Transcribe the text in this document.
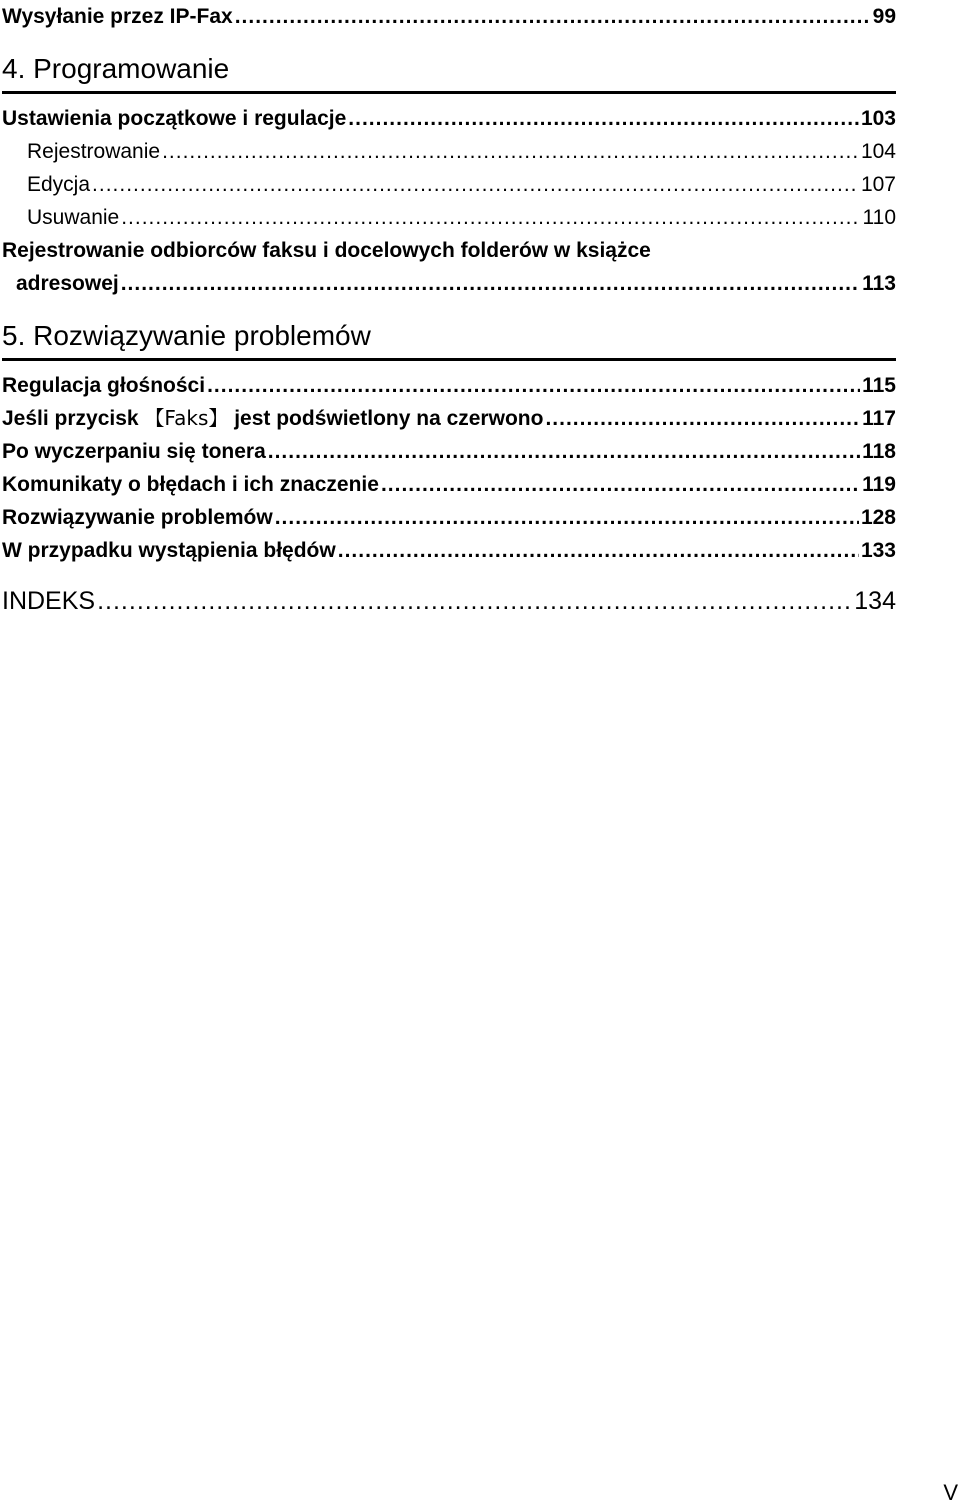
Wysyłanie przez IP-Fax .....	99
4. Programowanie
Ustawienia początkowe i regulacje .....	103
Rejestrowanie .....	104
Edycja .....	107
Usuwanie .....	110
Rejestrowanie odbiorców faksu i docelowych folderów w książce
adresowej .....	113
5. Rozwiązywanie problemów
Regulacja głośności .....	115
Jeśli przycisk 【Faks】 jest podświetlony na czerwono .....	117
Po wyczerpaniu się tonera .....	118
Komunikaty o błędach i ich znaczenie .....	119
Rozwiązywanie problemów .....	128
W przypadku wystąpienia błędów .....	133
INDEKS .....	134
V
